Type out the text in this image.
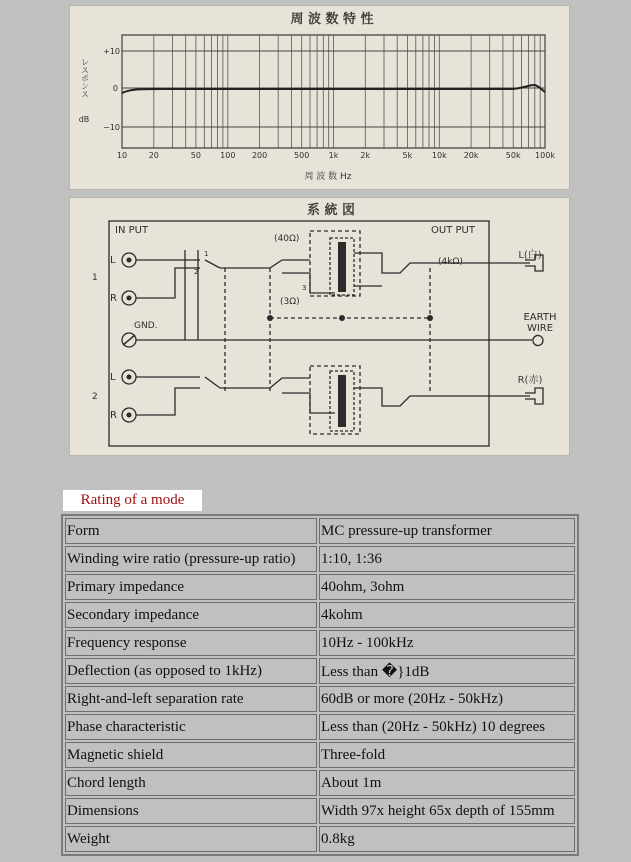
周 波 数 特 性
+10
0
−10
レスポンス
dB
10	20	50 100 200	500 1k	2k	5k 10k 20k	50k 100k
周 波 数 Hz
系 統 図
IN PUT	OUT PUT
(40Ω)
(3Ω)
(4kΩ)
1
2
L
R
GND.
L
R
1
2
3
EARTH
WIRE
L(白)
R(赤)
Rating of a mode
Form	MC pressure-up transformer
Winding wire ratio (pressure-up ratio)	1:10, 1:36
Primary impedance	40ohm, 3ohm
Secondary impedance	4kohm
Frequency response	10Hz - 100kHz
Deflection (as opposed to 1kHz)	Less than �}1dB
Right-and-left separation rate	60dB or more (20Hz - 50kHz)
Phase characteristic	Less than (20Hz - 50kHz) 10 degrees
Magnetic shield	Three-fold
Chord length	About 1m
Dimensions	Width 97x height 65x depth of 155mm
Weight	0.8kg
